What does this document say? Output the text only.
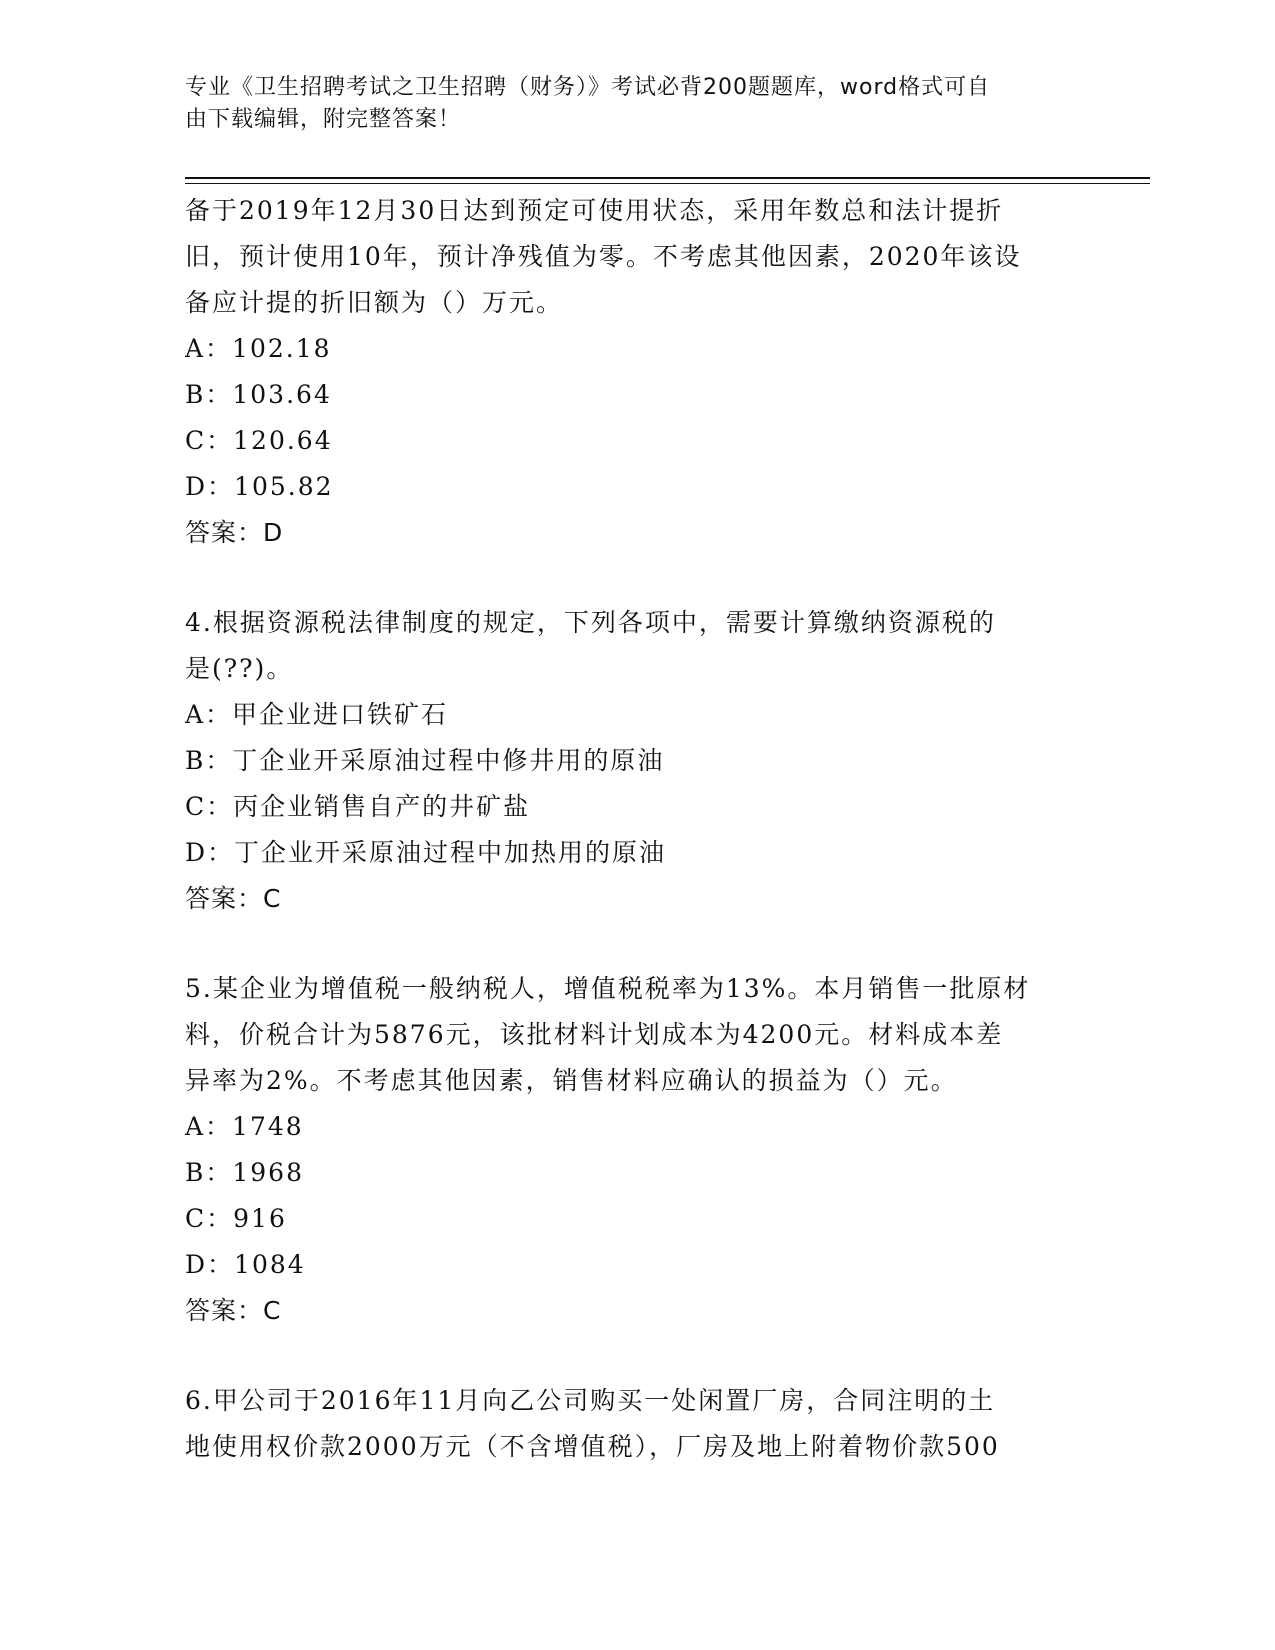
专业《卫生招聘考试之卫生招聘（财务）》考试必背200题题库，word格式可自
由下载编辑，附完整答案！

备于2019年12月30日达到预定可使用状态，采用年数总和法计提折

旧，预计使用10年，预计净残值为零。不考虑其他因素，2020年该设

备应计提的折旧额为（）万元。

A：102.18

B：103.64

C：120.64

D：105.82

答案：D

4.根据资源税法律制度的规定，下列各项中，需要计算缴纳资源税的

是(??)。

A：甲企业进口铁矿石

B：丁企业开采原油过程中修井用的原油

C：丙企业销售自产的井矿盐

D：丁企业开采原油过程中加热用的原油

答案：C

5.某企业为增值税一般纳税人，增值税税率为13%。本月销售一批原材

料，价税合计为5876元，该批材料计划成本为4200元。材料成本差

异率为2%。不考虑其他因素，销售材料应确认的损益为（）元。

A：1748

B：1968

C：916

D：1084

答案：C

6.甲公司于2016年11月向乙公司购买一处闲置厂房，合同注明的土

地使用权价款2000万元（不含增值税），厂房及地上附着物价款500
